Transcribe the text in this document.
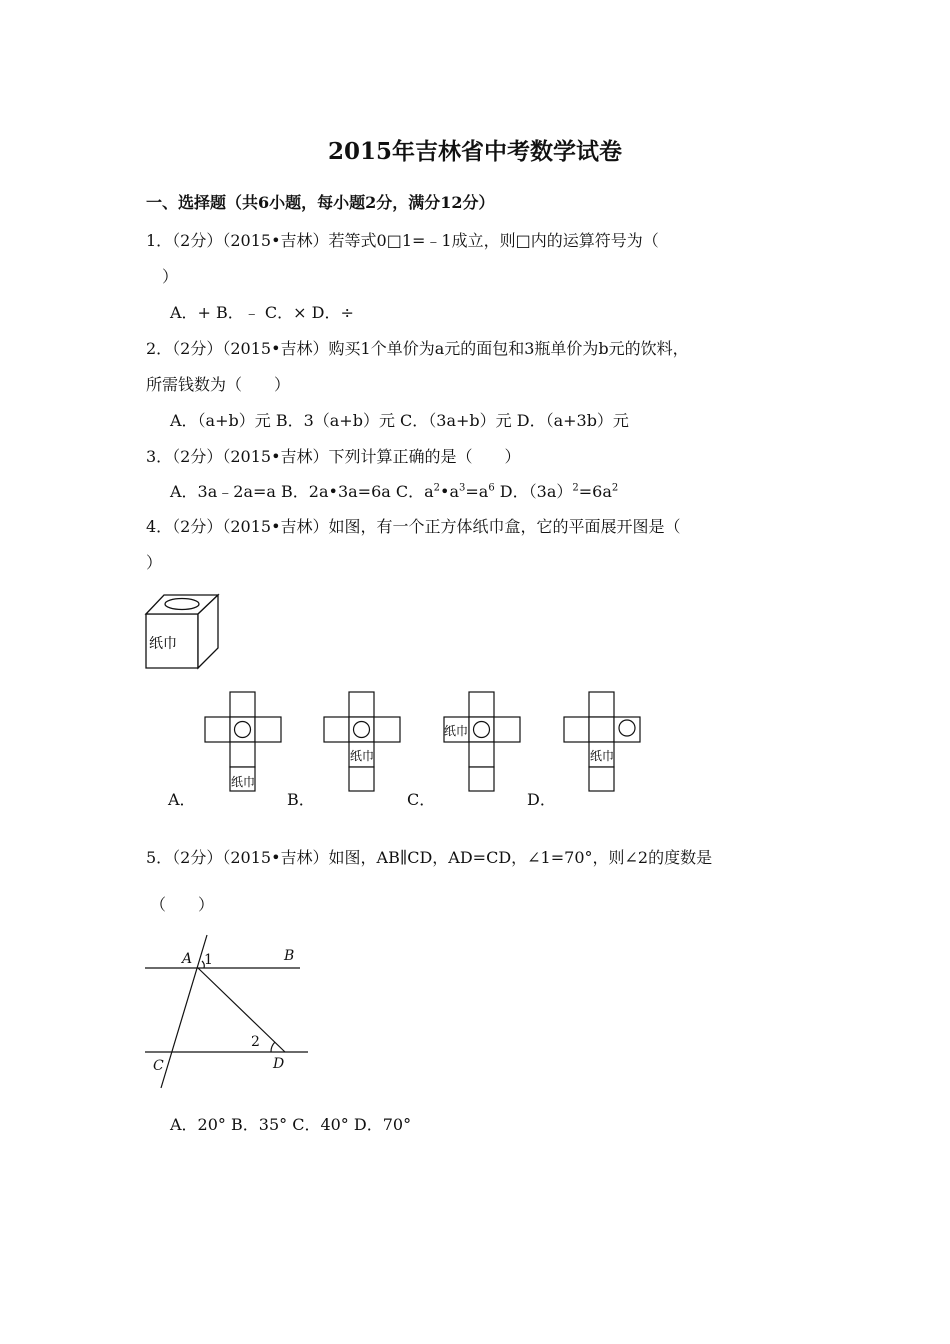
2015年吉林省中考数学试卷
一、选择题（共6小题，每小题2分，满分12分）
1．（2分）（2015•吉林）若等式0□1=﹣1成立，则□内的运算符号为（
）
A．+ B．﹣ C．× D．÷
2．（2分）（2015•吉林）购买1个单价为a元的面包和3瓶单价为b元的饮料，
所需钱数为（　　）
A．（a+b）元 B．3（a+b）元 C．（3a+b）元 D．（a+3b）元
3．（2分）（2015•吉林）下列计算正确的是（　　）
A．3a﹣2a=a B．2a•3a=6a C．$a^2•a^3=a^6$ D．$(3a)^2=6a^2$
4．（2分）（2015•吉林）如图，有一个正方体纸巾盒，它的平面展开图是（
）
纸巾
纸巾
A．
纸巾
B．
纸巾
C．
纸巾
D．
5．（2分）（2015•吉林）如图，AB∥CD，AD=CD，∠1=70°，则∠2的度数是
（　　）
A	B
C	D
1
2
A．20° B．35° C．40° D．70°
